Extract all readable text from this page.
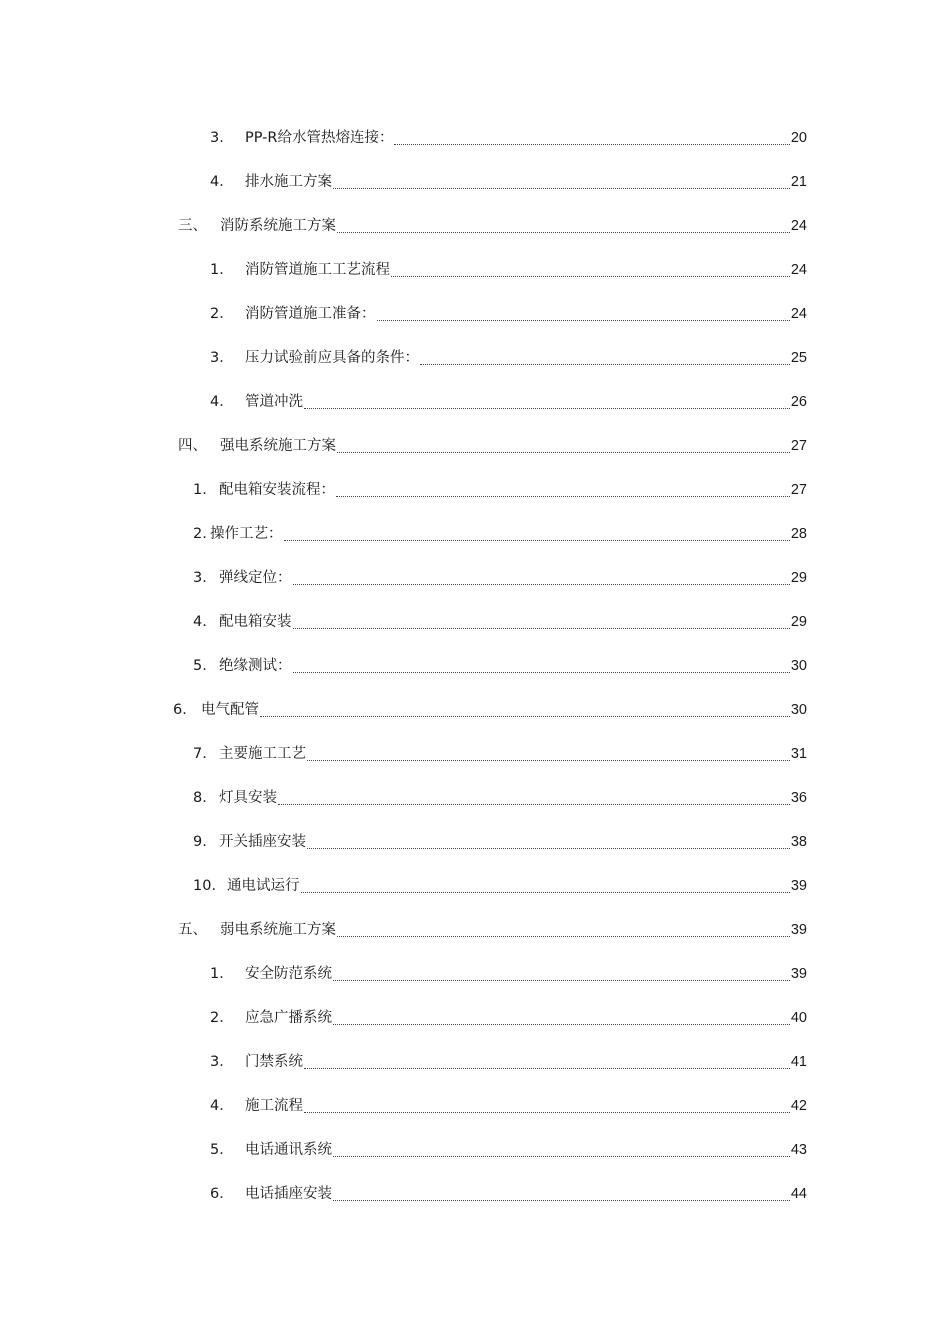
3． PP-R给水管热熔连接：	20
4． 排水施工方案	21
三、 消防系统施工方案	24
1． 消防管道施工工艺流程	24
2． 消防管道施工准备：	24
3． 压力试验前应具备的条件：	25
4． 管道冲洗	26
四、 强电系统施工方案	27
1. 配电箱安装流程：	27
2. 操作工艺：	28
3. 弹线定位：	29
4. 配电箱安装	29
5. 绝缘测试：	30
6. 电气配管	30
7. 主要施工工艺	31
8. 灯具安装	36
9. 开关插座安装	38
10. 通电试运行	39
五、 弱电系统施工方案	39
1． 安全防范系统	39
2． 应急广播系统	40
3． 门禁系统	41
4． 施工流程	42
5． 电话通讯系统	43
6． 电话插座安装	44
